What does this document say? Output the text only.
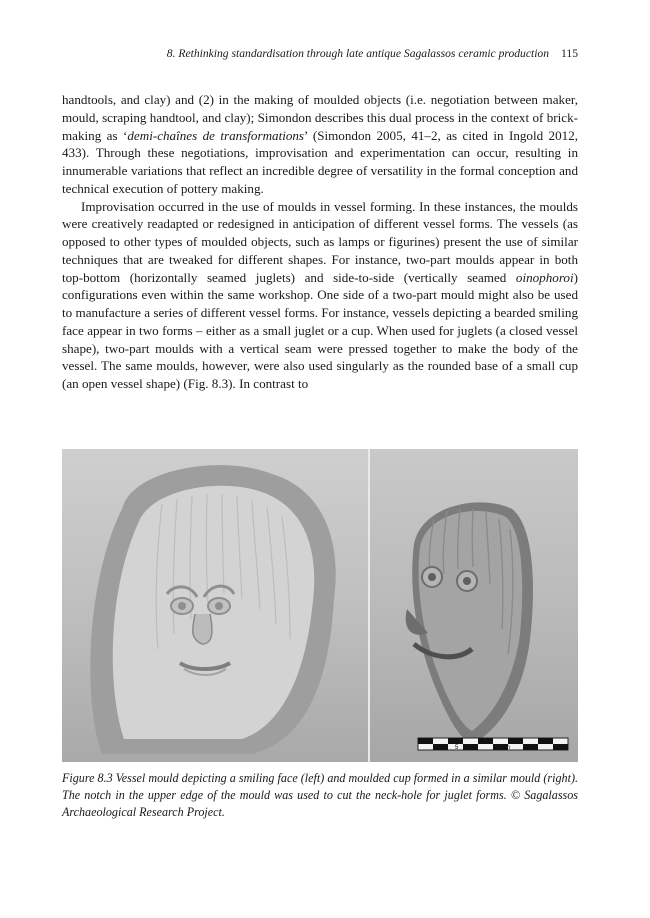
8. Rethinking standardisation through late antique Sagalassos ceramic production 115

handtools, and clay) and (2) in the making of moulded objects (i.e. negotiation between maker, mould, scraping handtool, and clay); Simondon describes this dual process in the context of brick-making as ‘demi-chaînes de transformations’ (Simondon 2005, 41–2, as cited in Ingold 2012, 433). Through these negotiations, improvisation and experimentation can occur, resulting in innumerable variations that reflect an incredible degree of versatility in the formal conception and technical execution of pottery making.

Improvisation occurred in the use of moulds in vessel forming. In these instances, the moulds were creatively readapted or redesigned in anticipation of different vessel forms. The vessels (as opposed to other types of moulded objects, such as lamps or figurines) present the use of similar techniques that are tweaked for different shapes. For instance, two-part moulds appear in both top-bottom (horizontally seamed juglets) and side-to-side (vertically seamed oinophoroi) configurations even within the same workshop. One side of a two-part mould might also be used to manufacture a series of different vessel forms. For instance, vessels depicting a bearded smiling face appear in two forms – either as a small juglet or a cup. When used for juglets (a closed vessel shape), two-part moulds with a vertical seam were pressed together to make the body of the vessel. The same moulds, however, were also used singularly as the rounded base of a small cup (an open vessel shape) (Fig. 8.3). In contrast to

5	cm
Figure 8.3 Vessel mould depicting a smiling face (left) and moulded cup formed in a similar mould (right). The notch in the upper edge of the mould was used to cut the neck-hole for juglet forms. © Sagalassos Archaeological Research Project.
